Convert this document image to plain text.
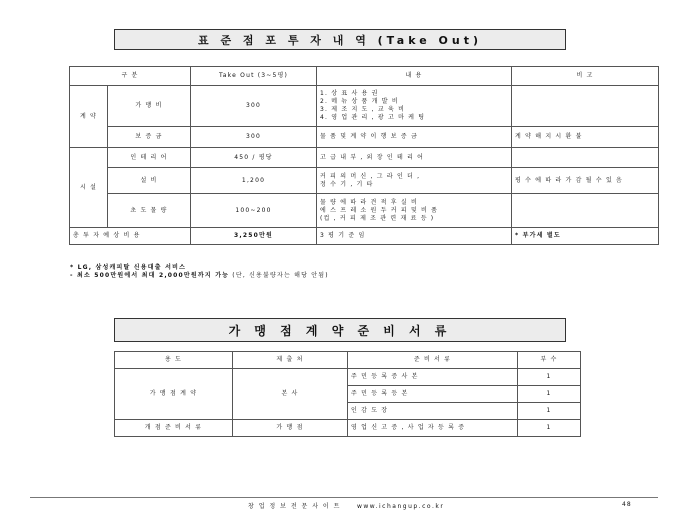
표 준 점 포 투 자 내 역 (Take Out)
구 분		Take Out (3~5평)	내 용	비 고
계 약	가 맹 비	300	1. 상 표 사 용 권
2. 메 뉴 상 품 개 발 비
3. 제 조 지 도 , 교 육 비
4. 영 업 관 리 , 광 고 마 케 팅	

	보 증 금	300	물 품 및 계 약 이 행 보 증 금	계 약 해 지 시 환 불
시 설	인 테 리 어	450 / 평당	고 급 내 부 , 외 장 인 테 리 어	
	설 비	1,200	커 피 의 머 신 , 그 라 인 더 ,
정 수 기 , 기 타	평 수 에 따 라 가 감 될 수 있 음
	초 도 물 량	100~200	물 량 에 따 라 견 적 후 실 비
에 스 프 레 소 원 두 커 피 및 비 품
(컵 , 커 피 제 조 관 련 재 료 등 )	

총 투 자 예 상 비 용		3,250만원	3 평 기 준 임	* 부가세 별도
* LG, 삼성캐피탈 신용대출 서비스
- 최소 500만원에서 최대 2,000만원까지 가능 (단, 신용불량자는 해당 안됨)
가 맹 점 계 약 준 비 서 류
용 도	제 출 처	준 비 서 류	부 수
가 맹 점 계 약	본 사	주 민 등 록 증 사 본	1
		주 민 등 록 등 본	1
		인 감 도 장	1
개 점 준 비 서 류	가 맹 점	영 업 신 고 증 , 사 업 자 등 록 증	1
창 업 정 보 전 문 사 이 트	www.ichangup.co.kr	48
